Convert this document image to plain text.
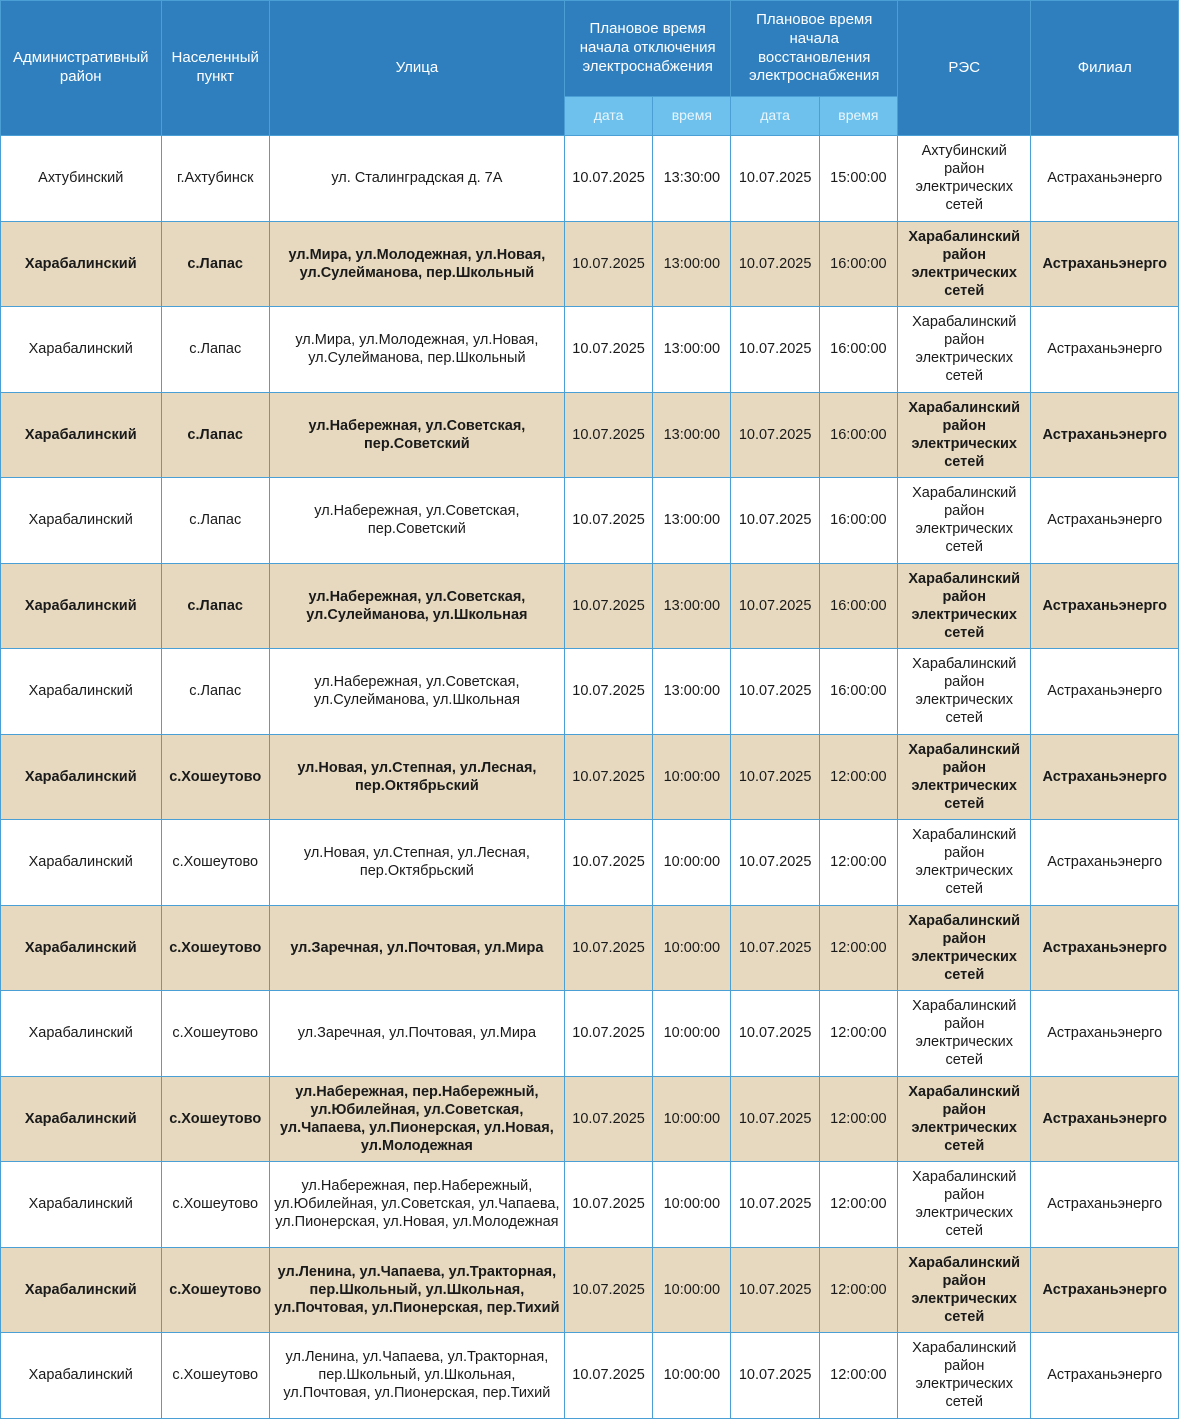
Административный район	Населенный пункт	Улица	Плановое время начала отключения электроснабжения		Плановое время начала восстановления электроснабжения		РЭС	Филиал
			дата	время	дата	время		
Ахтубинский	г.Ахтубинск	ул. Сталинградская д. 7А	10.07.2025	13:30:00	10.07.2025	15:00:00	Ахтубинский район электрических сетей	Астраханьэнерго
Харабалинский	с.Лапас	ул.Мира, ул.Молодежная, ул.Новая, ул.Сулейманова, пер.Школьный	10.07.2025	13:00:00	10.07.2025	16:00:00	Харабалинский район электрических сетей	Астраханьэнерго
Харабалинский	с.Лапас	ул.Мира, ул.Молодежная, ул.Новая, ул.Сулейманова, пер.Школьный	10.07.2025	13:00:00	10.07.2025	16:00:00	Харабалинский район электрических сетей	Астраханьэнерго
Харабалинский	с.Лапас	ул.Набережная, ул.Советская, пер.Советский	10.07.2025	13:00:00	10.07.2025	16:00:00	Харабалинский район электрических сетей	Астраханьэнерго
Харабалинский	с.Лапас	ул.Набережная, ул.Советская, пер.Советский	10.07.2025	13:00:00	10.07.2025	16:00:00	Харабалинский район электрических сетей	Астраханьэнерго
Харабалинский	с.Лапас	ул.Набережная, ул.Советская, ул.Сулейманова, ул.Школьная	10.07.2025	13:00:00	10.07.2025	16:00:00	Харабалинский район электрических сетей	Астраханьэнерго
Харабалинский	с.Лапас	ул.Набережная, ул.Советская, ул.Сулейманова, ул.Школьная	10.07.2025	13:00:00	10.07.2025	16:00:00	Харабалинский район электрических сетей	Астраханьэнерго
Харабалинский	с.Хошеутово	ул.Новая, ул.Степная, ул.Лесная, пер.Октябрьский	10.07.2025	10:00:00	10.07.2025	12:00:00	Харабалинский район электрических сетей	Астраханьэнерго
Харабалинский	с.Хошеутово	ул.Новая, ул.Степная, ул.Лесная, пер.Октябрьский	10.07.2025	10:00:00	10.07.2025	12:00:00	Харабалинский район электрических сетей	Астраханьэнерго
Харабалинский	с.Хошеутово	ул.Заречная, ул.Почтовая, ул.Мира	10.07.2025	10:00:00	10.07.2025	12:00:00	Харабалинский район электрических сетей	Астраханьэнерго
Харабалинский	с.Хошеутово	ул.Заречная, ул.Почтовая, ул.Мира	10.07.2025	10:00:00	10.07.2025	12:00:00	Харабалинский район электрических сетей	Астраханьэнерго
Харабалинский	с.Хошеутово	ул.Набережная, пер.Набережный, ул.Юбилейная, ул.Советская, ул.Чапаева, ул.Пионерская, ул.Новая, ул.Молодежная	10.07.2025	10:00:00	10.07.2025	12:00:00	Харабалинский район электрических сетей	Астраханьэнерго
Харабалинский	с.Хошеутово	ул.Набережная, пер.Набережный, ул.Юбилейная, ул.Советская, ул.Чапаева, ул.Пионерская, ул.Новая, ул.Молодежная	10.07.2025	10:00:00	10.07.2025	12:00:00	Харабалинский район электрических сетей	Астраханьэнерго
Харабалинский	с.Хошеутово	ул.Ленина, ул.Чапаева, ул.Тракторная, пер.Школьный, ул.Школьная, ул.Почтовая, ул.Пионерская, пер.Тихий	10.07.2025	10:00:00	10.07.2025	12:00:00	Харабалинский район электрических сетей	Астраханьэнерго
Харабалинский	с.Хошеутово	ул.Ленина, ул.Чапаева, ул.Тракторная, пер.Школьный, ул.Школьная, ул.Почтовая, ул.Пионерская, пер.Тихий	10.07.2025	10:00:00	10.07.2025	12:00:00	Харабалинский район электрических сетей	Астраханьэнерго
